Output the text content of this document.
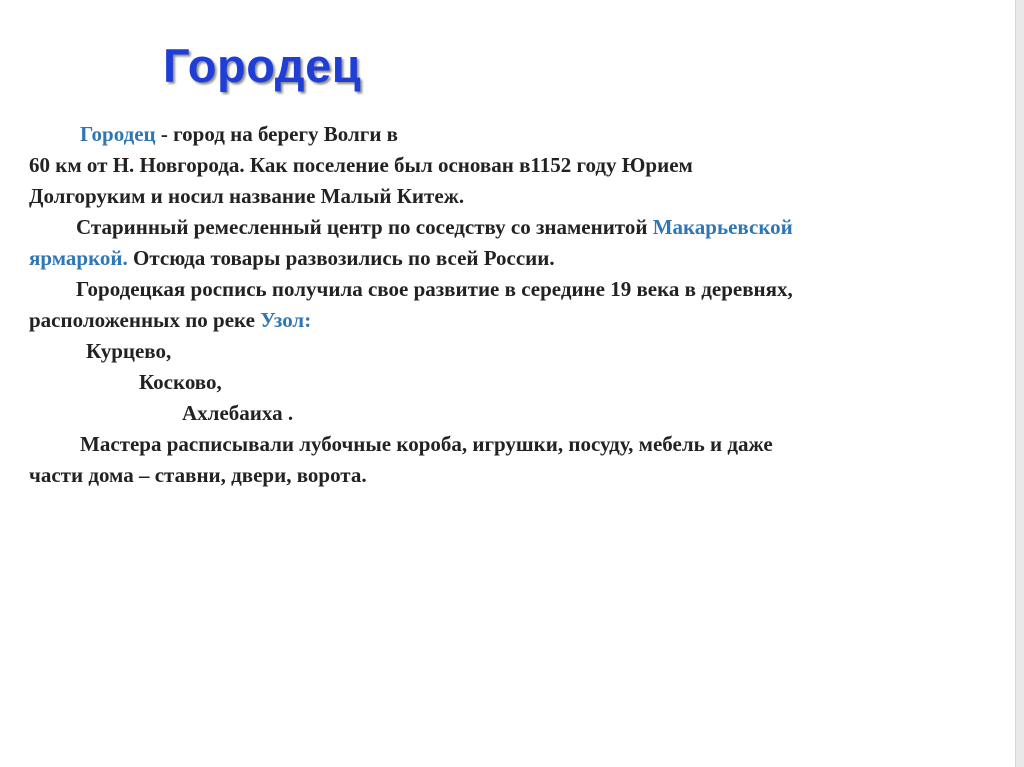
Городец
Городец - город на берегу Волги в
60 км от Н. Новгорода. Как поселение был основан в1152 году Юрием
Долгоруким и носил название Малый Китеж.
Старинный ремесленный центр по соседству со знаменитой Макарьевской
ярмаркой. Отсюда товары развозились по всей России.
Городецкая роспись получила свое развитие в середине 19 века в деревнях,
расположенных по реке Узол:
Курцево,
Косково,
Ахлебаиха .
Мастера расписывали лубочные короба, игрушки, посуду, мебель и даже
части дома – ставни, двери, ворота.
